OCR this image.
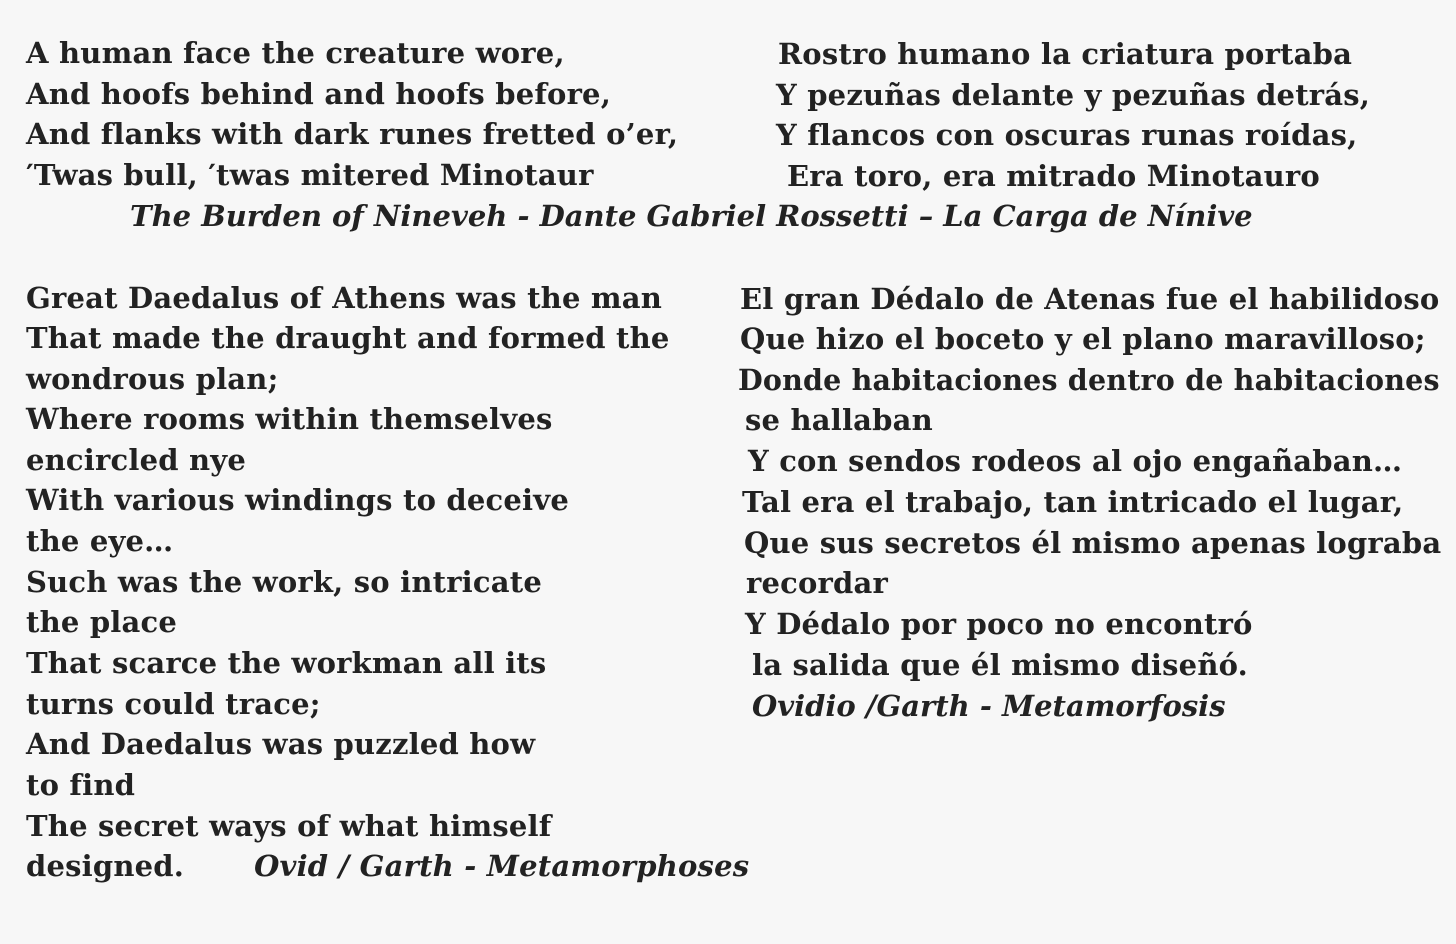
A human face the creature wore,
And hoofs behind and hoofs before,
And flanks with dark runes fretted o’er,
′Twas bull, ′twas mitered Minotaur
Rostro humano la criatura portaba
Y pezuñas delante y pezuñas detrás,
Y flancos con oscuras runas roídas,
Era toro, era mitrado Minotauro
The Burden of Nineveh - Dante Gabriel Rossetti – La Carga de Nínive
Great Daedalus of Athens was the man
That made the draught and formed the
wondrous plan;
Where rooms within themselves
encircled nye
With various windings to deceive
the eye…
Such was the work, so intricate
the place
That scarce the workman all its
turns could trace;
And Daedalus was puzzled how
to find
The secret ways of what himself
designed. Ovid / Garth - Metamorphoses
El gran Dédalo de Atenas fue el habilidoso
Que hizo el boceto y el plano maravilloso;
Donde habitaciones dentro de habitaciones
se hallaban
Y con sendos rodeos al ojo engañaban…
Tal era el trabajo, tan intricado el lugar,
Que sus secretos él mismo apenas lograba
recordar
Y Dédalo por poco no encontró
la salida que él mismo diseñó.
Ovidio /Garth - Metamorfosis
